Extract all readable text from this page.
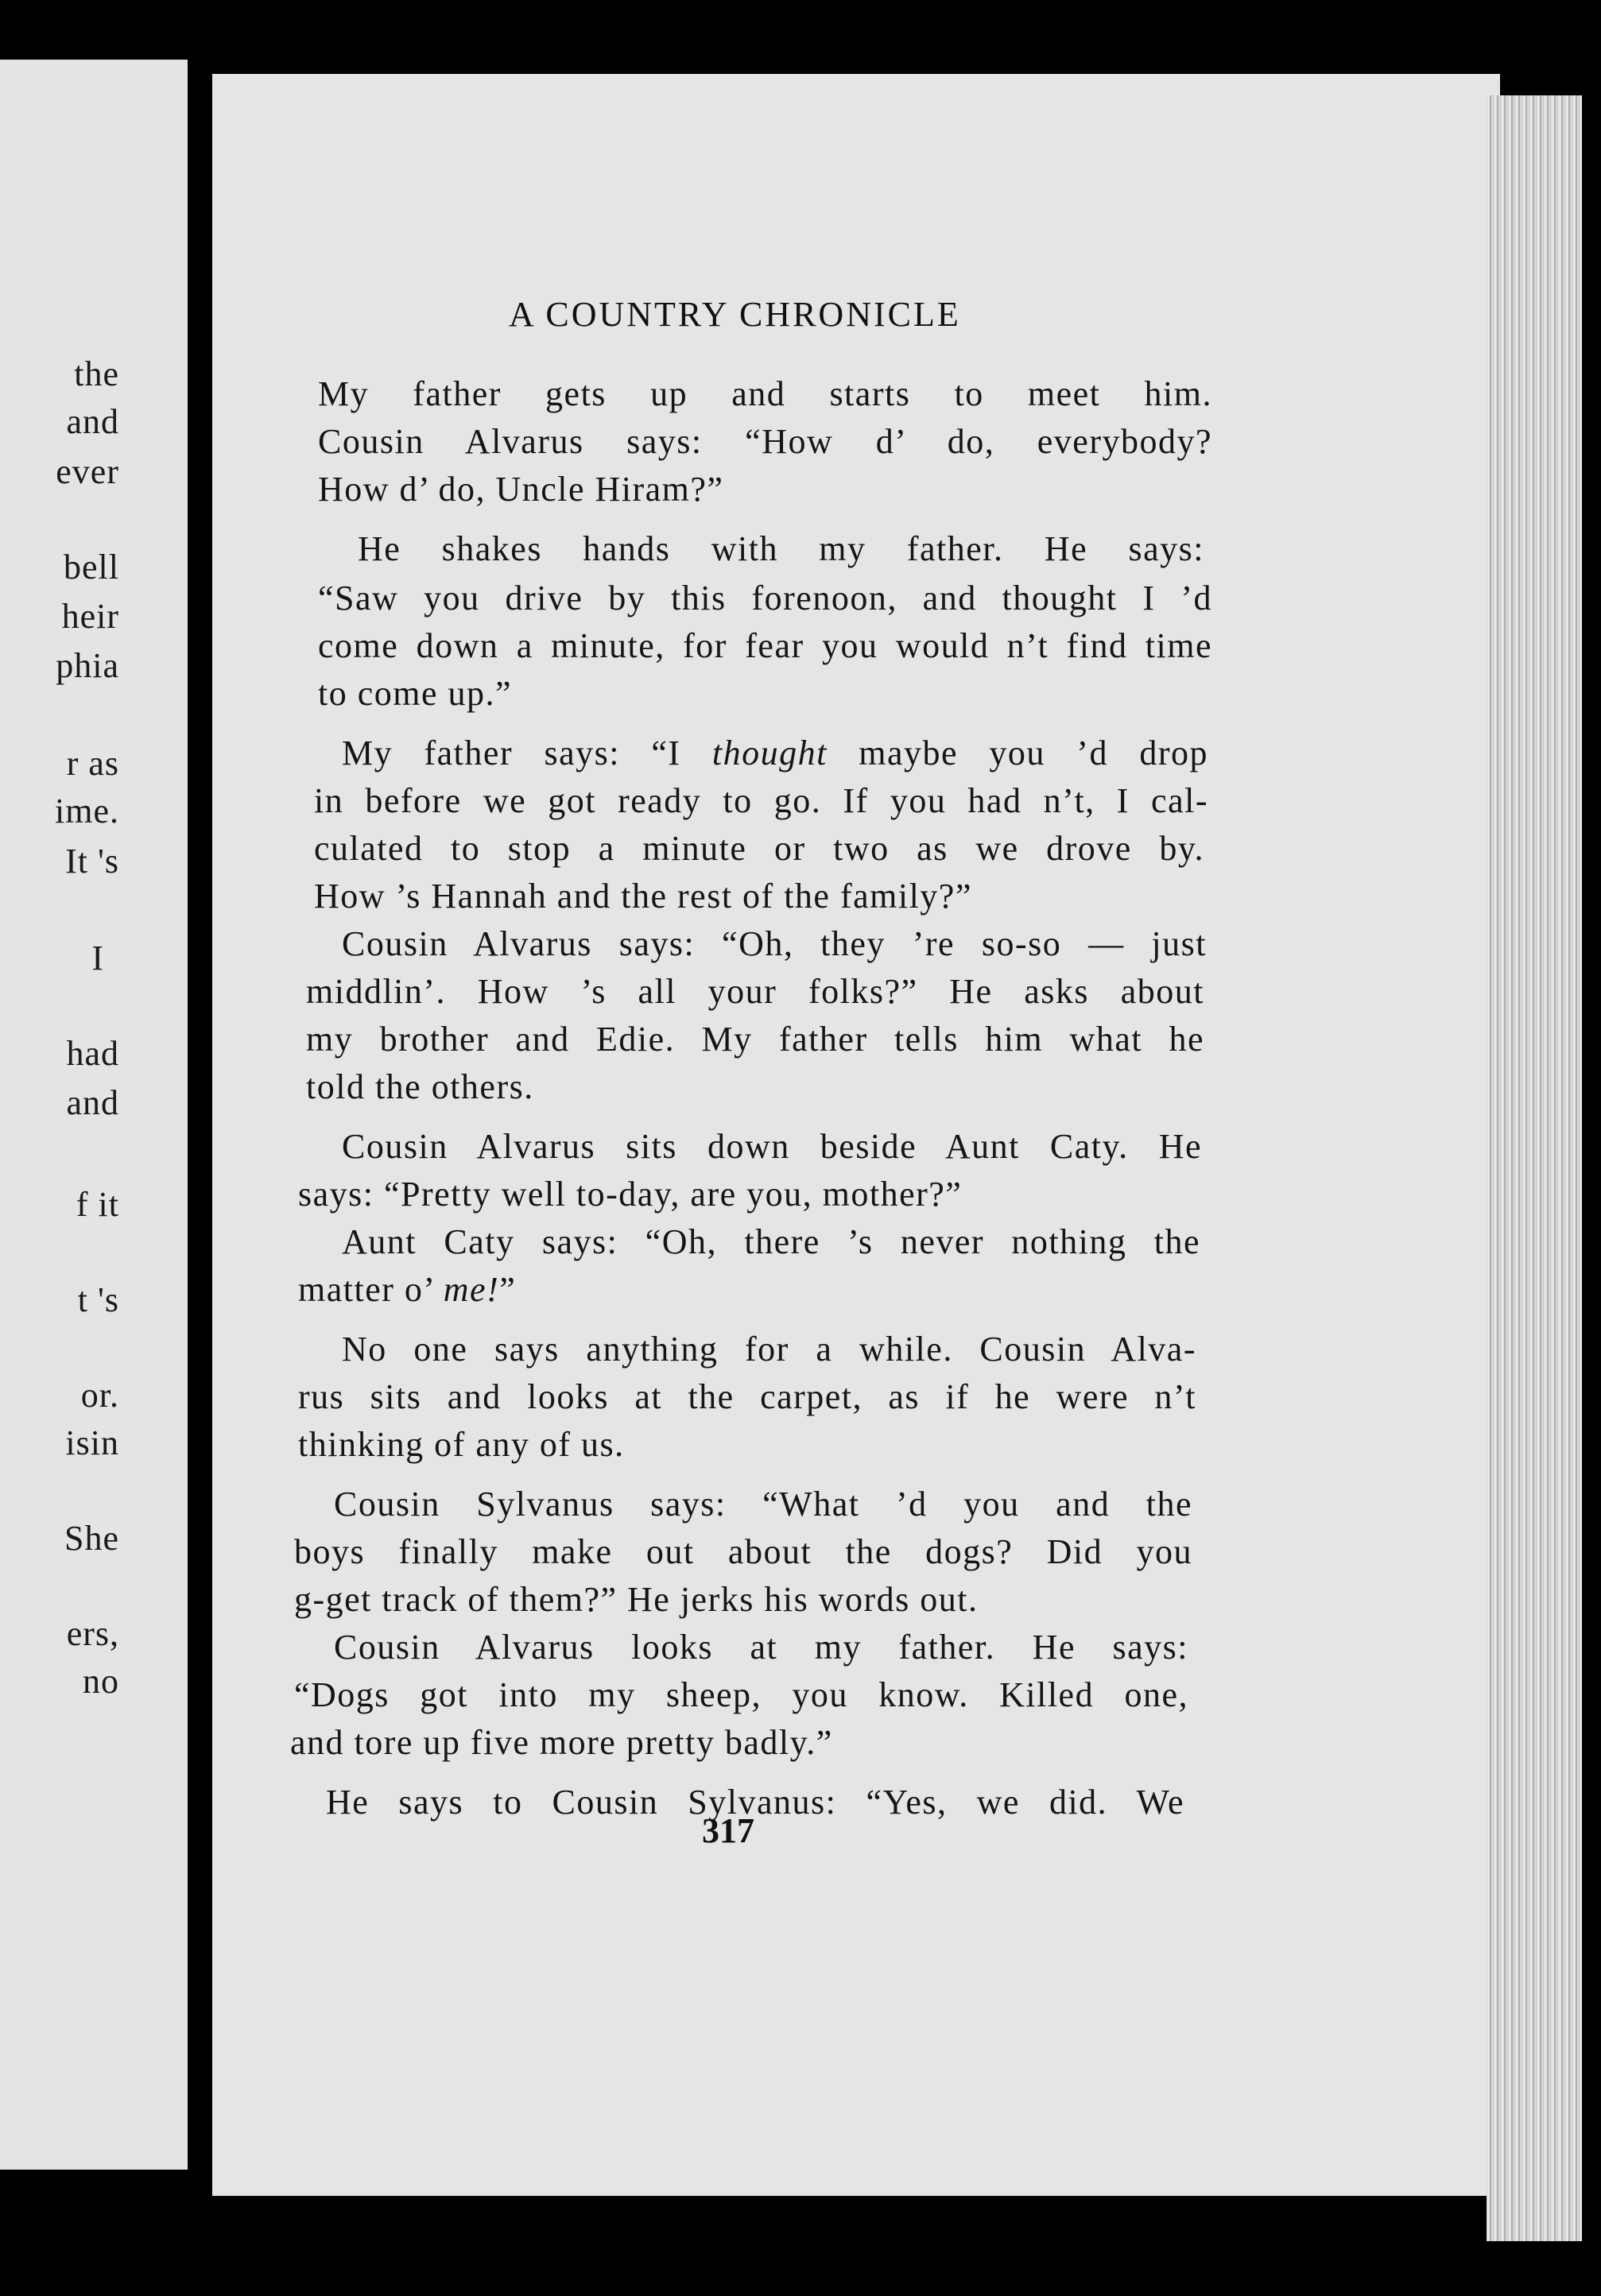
the
and
ever
bell
heir
phia
r as
ime.
It 's
I
had
and
f it
t 's
or.
isin
She
ers,
no
A COUNTRY CHRONICLE
My father gets up and starts to meet him.
Cousin Alvarus says: “How d’ do, everybody?
How d’ do, Uncle Hiram?”
He shakes hands with my father. He says:
“Saw you drive by this forenoon, and thought I ’d
come down a minute, for fear you would n’t find time
to come up.”
My father says: “I thought maybe you ’d drop
in before we got ready to go. If you had n’t, I cal-
culated to stop a minute or two as we drove by.
How ’s Hannah and the rest of the family?”
Cousin Alvarus says: “Oh, they ’re so-so — just
middlin’. How ’s all your folks?” He asks about
my brother and Edie. My father tells him what he
told the others.
Cousin Alvarus sits down beside Aunt Caty. He
says: “Pretty well to-day, are you, mother?”
Aunt Caty says: “Oh, there ’s never nothing the
matter o’ me!”
No one says anything for a while. Cousin Alva-
rus sits and looks at the carpet, as if he were n’t
thinking of any of us.
Cousin Sylvanus says: “What ’d you and the
boys finally make out about the dogs? Did you
g-get track of them?” He jerks his words out.
Cousin Alvarus looks at my father. He says:
“Dogs got into my sheep, you know. Killed one,
and tore up five more pretty badly.”
He says to Cousin Sylvanus: “Yes, we did. We
317
